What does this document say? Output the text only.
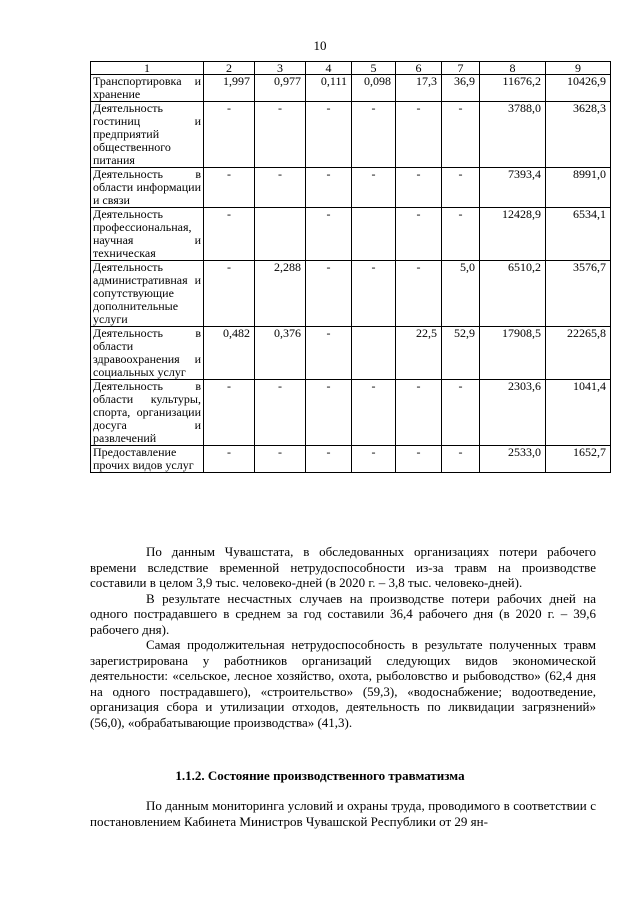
10
1	2	3	4	5	6	7	8	9
Транспортировка и хранение	1,997	0,977	0,111	0,098	17,3	36,9	11676,2	10426,9
Деятельность гостиниц и предприятий общественного питания	-	-	-	-	-	-	3788,0	3628,3
Деятельность в области информации и связи	-	-	-	-	-	-	7393,4	8991,0
Деятельность профессиональная, научная и техническая	-		-		-	-	12428,9	6534,1
Деятельность административная и сопутствующие дополнительные услуги	-	2,288	-	-	-	5,0	6510,2	3576,7
Деятельность в области здравоохранения и социальных услуг	0,482	0,376	-		22,5	52,9	17908,5	22265,8
Деятельность в области культуры, спорта, организации досуга и развлечений	-	-	-	-	-	-	2303,6	1041,4
Предоставление прочих видов услуг	-	-	-	-	-	-	2533,0	1652,7

По данным Чувашстата, в обследованных организациях потери рабочего времени вследствие временной нетрудоспособности из-за травм на производстве составили в целом 3,9 тыс. человеко-дней (в 2020 г. – 3,8 тыс. человеко-дней).

В результате несчастных случаев на производстве потери рабочих дней на одного пострадавшего в среднем за год составили 36,4 рабочего дня (в 2020 г. – 39,6 рабочего дня).

Самая продолжительная нетрудоспособность в результате полученных травм зарегистрирована у работников организаций следующих видов экономической деятельности: «сельское, лесное хозяйство, охота, рыболовство и рыбоводство» (62,4 дня на одного пострадавшего), «строительство» (59,3), «водоснабжение; водоотведение, организация сбора и утилизации отходов, деятельность по ликвидации загрязнений» (56,0), «обрабатывающие производства» (41,3).

1.1.2. Состояние производственного травматизма

По данным мониторинга условий и охраны труда, проводимого в соответствии с постановлением Кабинета Министров Чувашской Республики от 29 ян-
